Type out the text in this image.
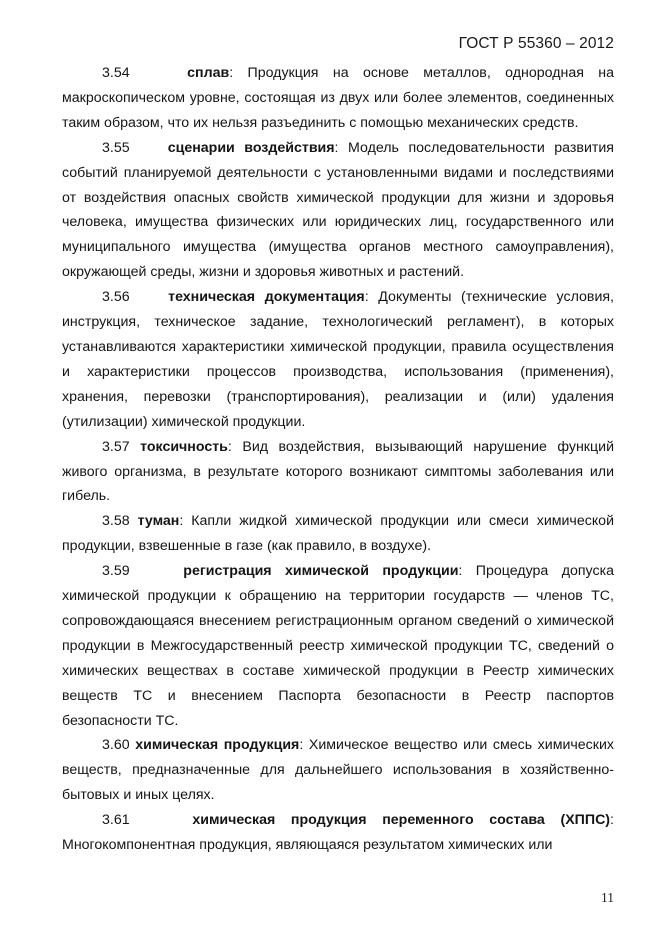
ГОСТ Р 55360 – 2012

3.54	сплав: Продукция на основе металлов, однородная на макроскопическом уровне, состоящая из двух или более элементов, соединенных таким образом, что их нельзя разъединить с помощью механических средств.

3.55	сценарии воздействия: Модель последовательности развития событий планируемой деятельности с установленными видами и последствиями от воздействия опасных свойств химической продукции для жизни и здоровья человека, имущества физических или юридических лиц, государственного или муниципального имущества (имущества органов местного самоуправления), окружающей среды, жизни и здоровья животных и растений.

3.56	техническая документация: Документы (технические условия, инструкция, техническое задание, технологический регламент), в которых устанавливаются характеристики химической продукции, правила осуществления и характеристики процессов производства, использования (применения), хранения, перевозки (транспортирования), реализации и (или) удаления (утилизации) химической продукции.

3.57 токсичность: Вид воздействия, вызывающий нарушение функций живого организма, в результате которого возникают симптомы заболевания или гибель.

3.58 туман: Капли жидкой химической продукции или смеси химической продукции, взвешенные в газе (как правило, в воздухе).

3.59	регистрация химической продукции: Процедура допуска химической продукции к обращению на территории государств — членов ТС, сопровождающаяся внесением регистрационным органом сведений о химической продукции в Межгосударственный реестр химической продукции ТС, сведений о химических веществах в составе химической продукции в Реестр химических веществ ТС и внесением Паспорта безопасности в Реестр паспортов безопасности ТС.

3.60 химическая продукция: Химическое вещество или смесь химических веществ, предназначенные для дальнейшего использования в хозяйственно-бытовых и иных целях.

3.61	химическая продукция переменного состава (ХППС): Многокомпонентная продукция, являющаяся результатом химических или

11
